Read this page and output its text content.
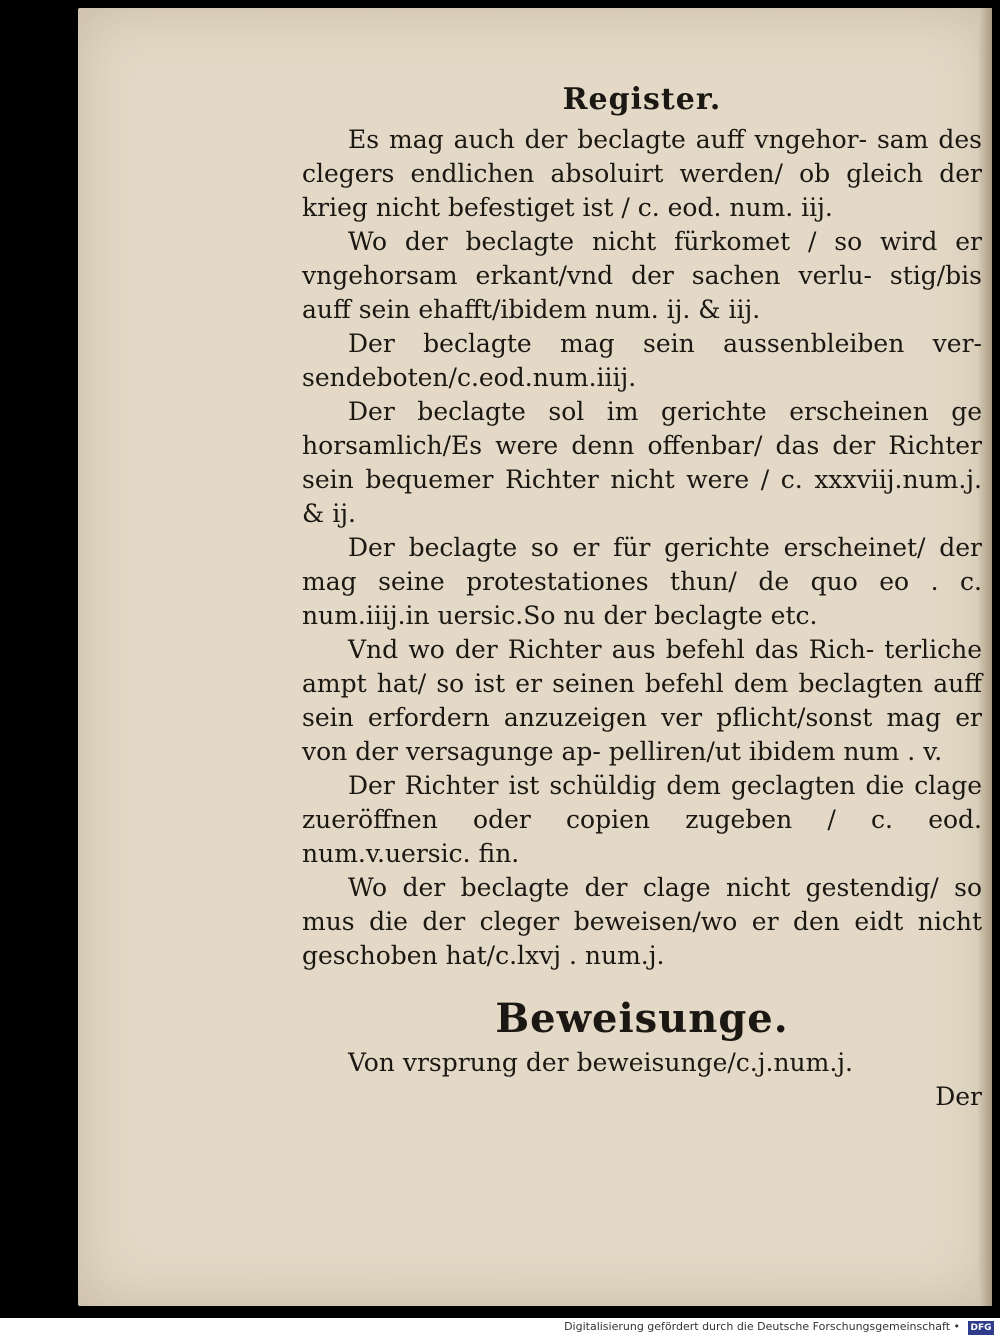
Register.

Es mag auch der beclagte auff vngehor‑ sam des clegers endlichen absoluirt werden/ ob gleich der krieg nicht befestiget ist / c. eod. num. iij.

Wo der beclagte nicht fürkomet / so wird er vngehorsam erkant/vnd der sachen verlu‑ stig/bis auff sein ehafft/ibidem num. ij. & iij.

Der beclagte mag sein aussenbleiben ver‑ sendeboten/c.eod.num.iiij.

Der beclagte sol im gerichte erscheinen ge horsamlich/Es were denn offenbar/ das der Richter sein bequemer Richter nicht were / c. xxxviij.num.j. & ij.

Der beclagte so er für gerichte erscheinet/ der mag seine protestationes thun/ de quo eo . c. num.iiij.in uersic.So nu der beclagte etc.

Vnd wo der Richter aus befehl das Rich‑ terliche ampt hat/ so ist er seinen befehl dem beclagten auff sein erfordern anzuzeigen ver pflicht/sonst mag er von der versagunge ap‑ pelliren/ut ibidem num . v.

Der Richter ist schüldig dem geclagten die clage zueröffnen oder copien zugeben / c. eod. num.v.uersic. fin.

Wo der beclagte der clage nicht gestendig/ so mus die der cleger beweisen/wo er den eidt nicht geschoben hat/c.lxvj . num.j.

Beweisunge.

Von vrsprung der beweisunge/c.j.num.j.

Der

Digitalisierung gefördert durch die Deutsche Forschungsgemeinschaft • DFG
